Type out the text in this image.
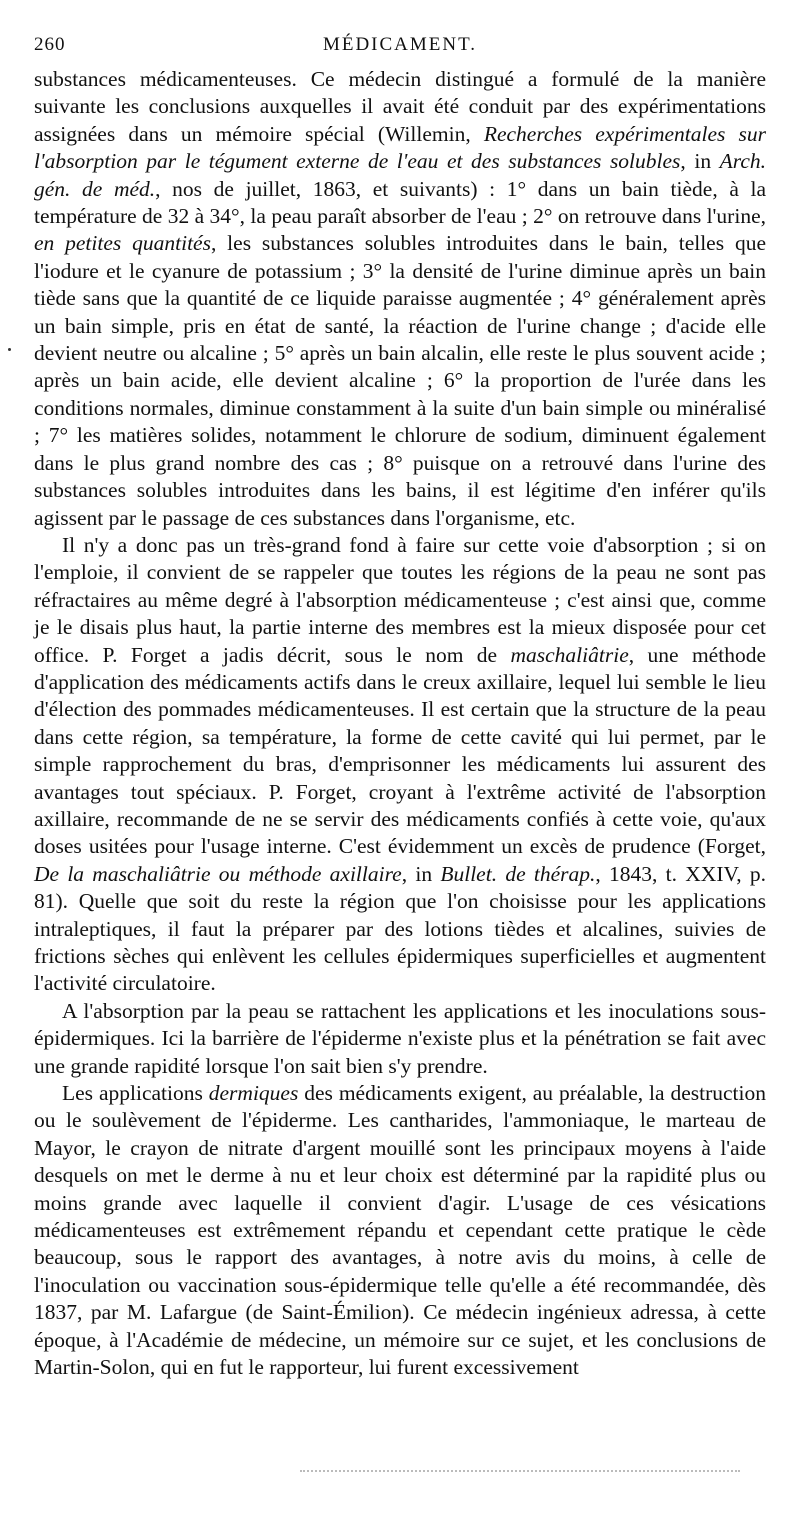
260	MÉDICAMENT.

substances médicamenteuses. Ce médecin distingué a formulé de la manière suivante les conclusions auxquelles il avait été conduit par des expérimentations assignées dans un mémoire spécial (Willemin, Recherches expérimentales sur l'absorption par le tégument externe de l'eau et des substances solubles, in Arch. gén. de méd., nos de juillet, 1863, et suivants) : 1° dans un bain tiède, à la température de 32 à 34°, la peau paraît absorber de l'eau ; 2° on retrouve dans l'urine, en petites quantités, les substances solubles introduites dans le bain, telles que l'iodure et le cyanure de potassium ; 3° la densité de l'urine diminue après un bain tiède sans que la quantité de ce liquide paraisse augmentée ; 4° généralement après un bain simple, pris en état de santé, la réaction de l'urine change ; d'acide elle devient neutre ou alcaline ; 5° après un bain alcalin, elle reste le plus souvent acide ; après un bain acide, elle devient alcaline ; 6° la proportion de l'urée dans les conditions normales, diminue constamment à la suite d'un bain simple ou minéralisé ; 7° les matières solides, notamment le chlorure de sodium, diminuent également dans le plus grand nombre des cas ; 8° puisque on a retrouvé dans l'urine des substances solubles introduites dans les bains, il est légitime d'en inférer qu'ils agissent par le passage de ces substances dans l'organisme, etc.

Il n'y a donc pas un très-grand fond à faire sur cette voie d'absorption ; si on l'emploie, il convient de se rappeler que toutes les régions de la peau ne sont pas réfractaires au même degré à l'absorption médicamenteuse ; c'est ainsi que, comme je le disais plus haut, la partie interne des membres est la mieux disposée pour cet office. P. Forget a jadis décrit, sous le nom de maschaliâtrie, une méthode d'application des médicaments actifs dans le creux axillaire, lequel lui semble le lieu d'élection des pommades médicamenteuses. Il est certain que la structure de la peau dans cette région, sa température, la forme de cette cavité qui lui permet, par le simple rapprochement du bras, d'emprisonner les médicaments lui assurent des avantages tout spéciaux. P. Forget, croyant à l'extrême activité de l'absorption axillaire, recommande de ne se servir des médicaments confiés à cette voie, qu'aux doses usitées pour l'usage interne. C'est évidemment un excès de prudence (Forget, De la maschaliâtrie ou méthode axillaire, in Bullet. de thérap., 1843, t. XXIV, p. 81). Quelle que soit du reste la région que l'on choisisse pour les applications intraleptiques, il faut la préparer par des lotions tièdes et alcalines, suivies de frictions sèches qui enlèvent les cellules épidermiques superficielles et augmentent l'activité circulatoire.

A l'absorption par la peau se rattachent les applications et les inoculations sous-épidermiques. Ici la barrière de l'épiderme n'existe plus et la pénétration se fait avec une grande rapidité lorsque l'on sait bien s'y prendre.

Les applications dermiques des médicaments exigent, au préalable, la destruction ou le soulèvement de l'épiderme. Les cantharides, l'ammoniaque, le marteau de Mayor, le crayon de nitrate d'argent mouillé sont les principaux moyens à l'aide desquels on met le derme à nu et leur choix est déterminé par la rapidité plus ou moins grande avec laquelle il convient d'agir. L'usage de ces vésications médicamenteuses est extrêmement répandu et cependant cette pratique le cède beaucoup, sous le rapport des avantages, à notre avis du moins, à celle de l'inoculation ou vaccination sous-épidermique telle qu'elle a été recommandée, dès 1837, par M. Lafargue (de Saint-Émilion). Ce médecin ingénieux adressa, à cette époque, à l'Académie de médecine, un mémoire sur ce sujet, et les conclusions de Martin-Solon, qui en fut le rapporteur, lui furent excessivement
